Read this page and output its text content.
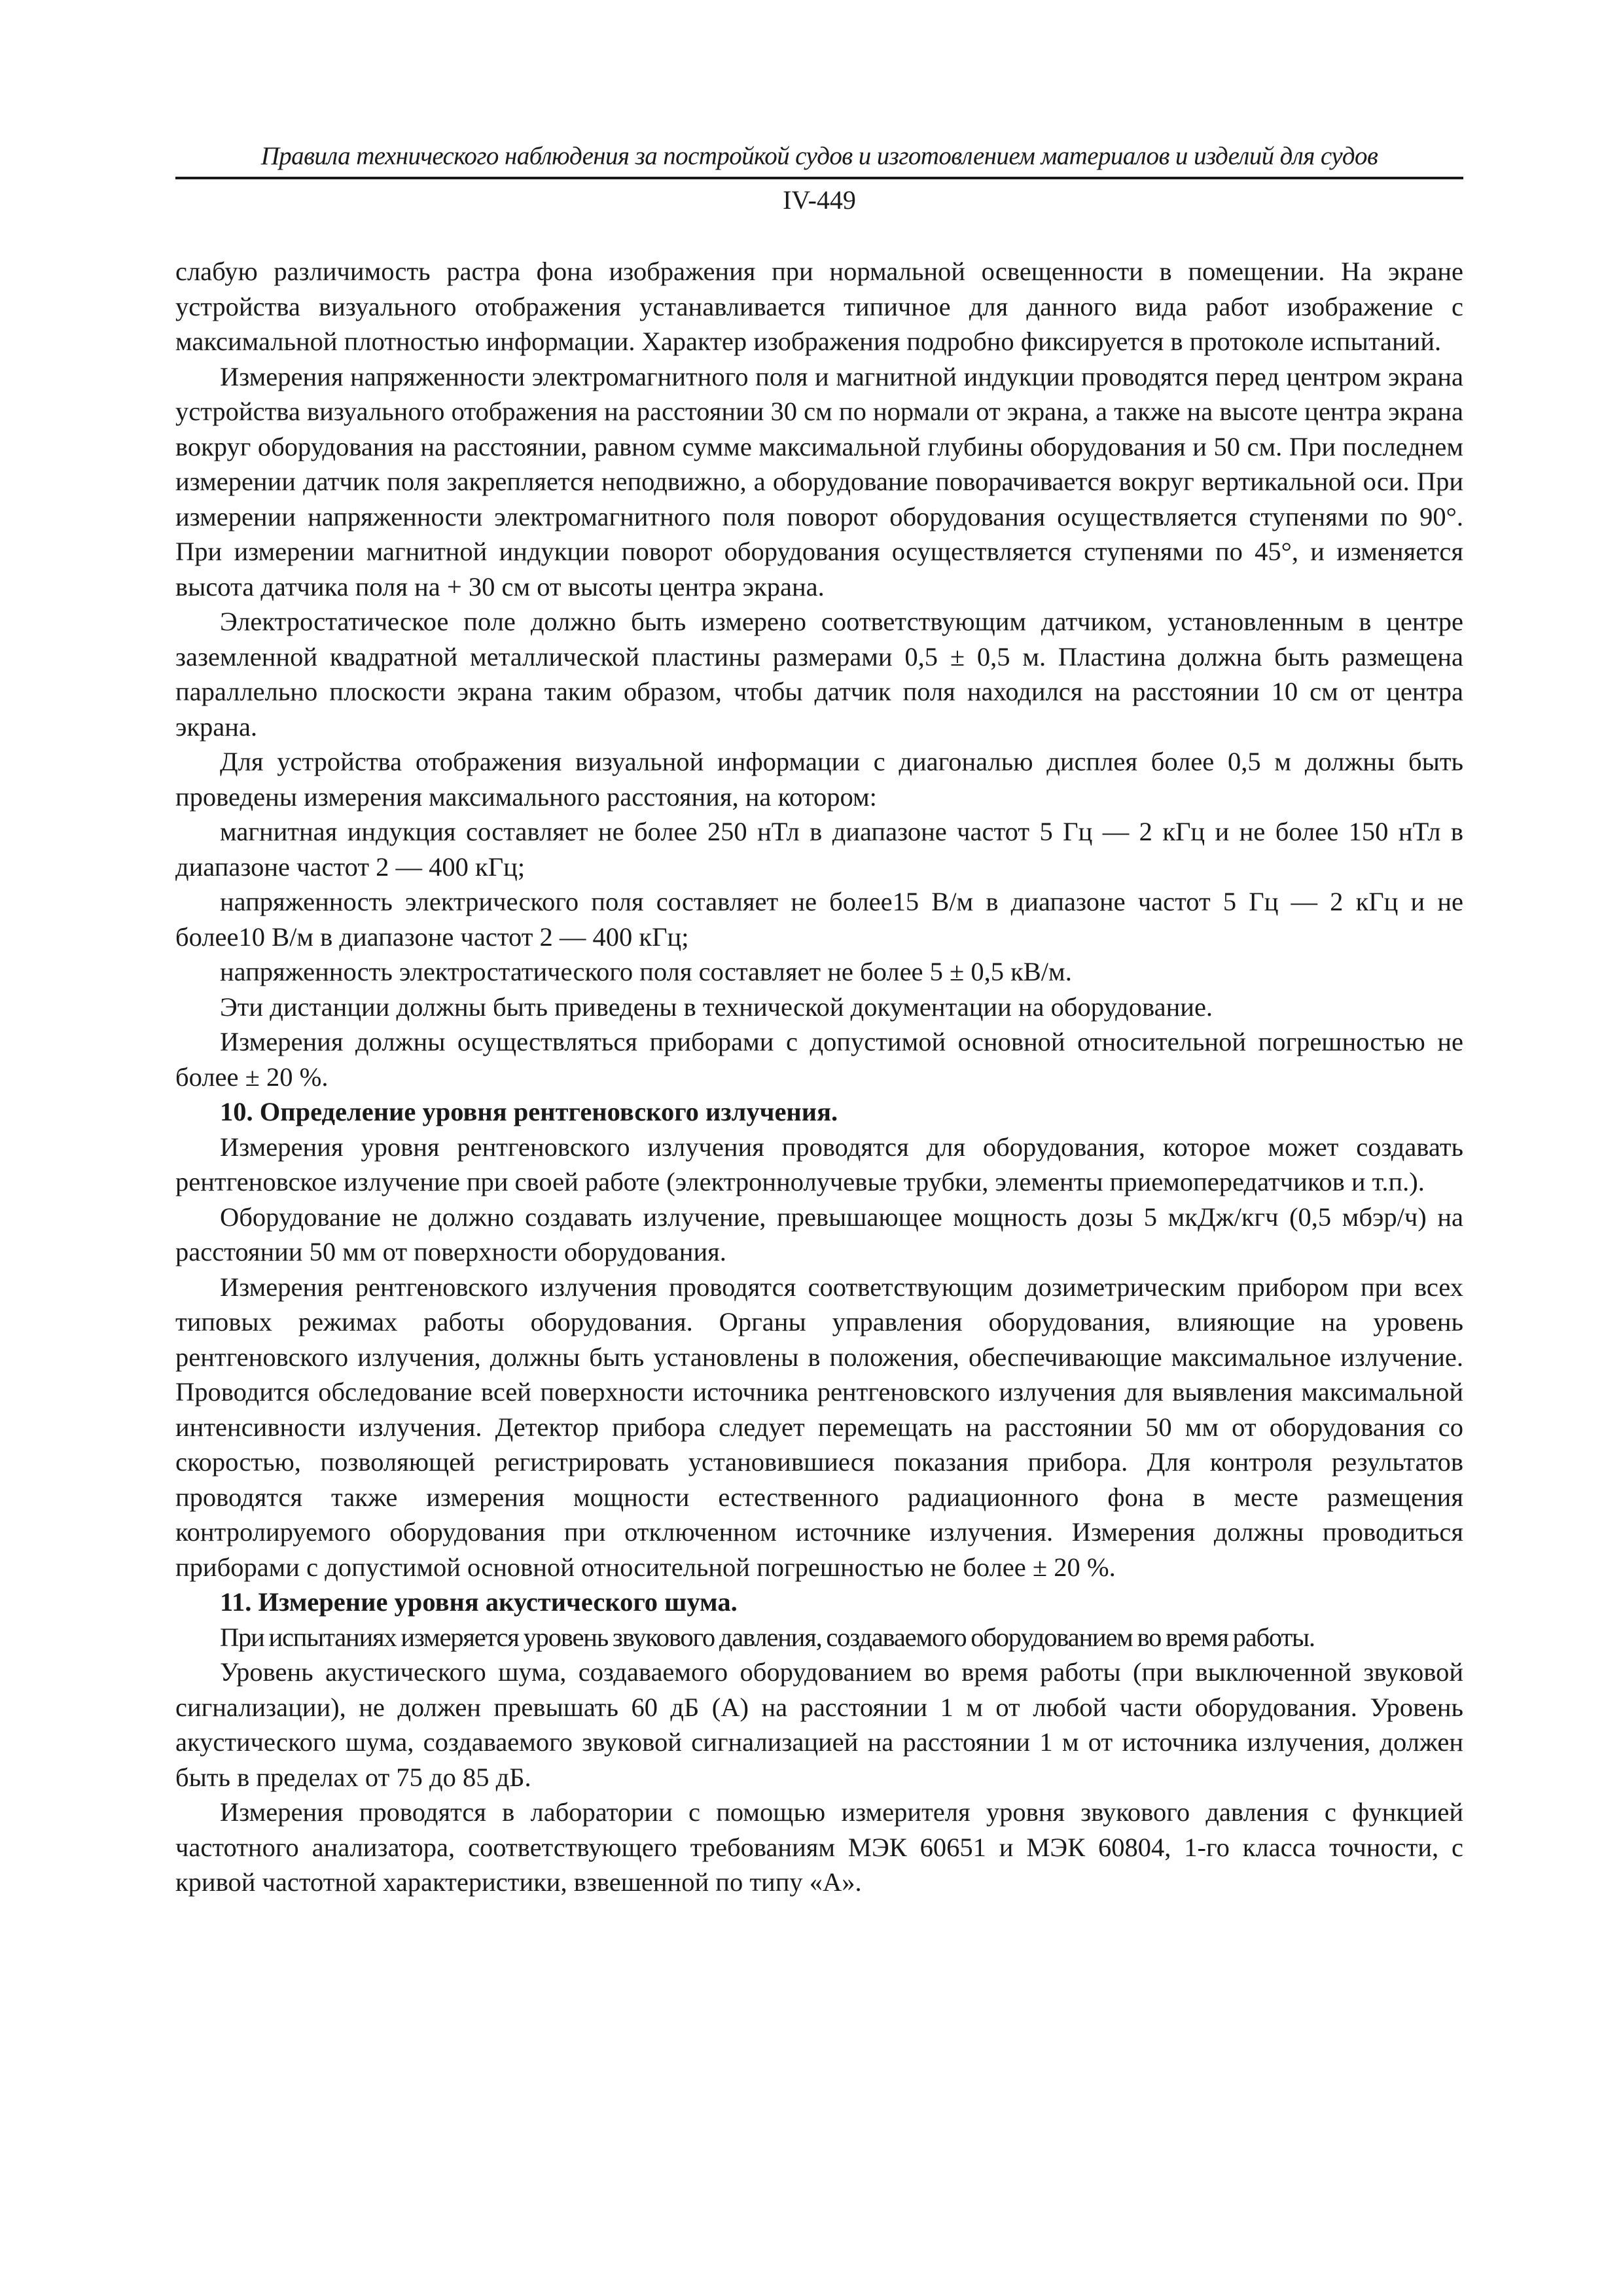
Правила технического наблюдения за постройкой судов и изготовлением материалов и изделий для судов
IV-449

слабую различимость растра фона изображения при нормальной освещенности в помещении. На экране устройства визуального отображения устанавливается типичное для данного вида работ изображение с максимальной плотностью информации. Характер изображения подробно фиксируется в протоколе испытаний.

Измерения напряженности электромагнитного поля и магнитной индукции проводятся перед центром экрана устройства визуального отображения на расстоянии 30 см по нормали от экрана, а также на высоте центра экрана вокруг оборудования на расстоянии, равном сумме максимальной глубины оборудования и 50 см. При последнем измерении датчик поля закрепляется неподвижно, а оборудование поворачивается вокруг вертикальной оси. При измерении напряженности электромагнитного поля поворот оборудования осуществляется ступенями по 90°. При измерении магнитной индукции поворот оборудования осуществляется ступенями по 45°, и изменяется высота датчика поля на + 30 см от высоты центра экрана.

Электростатическое поле должно быть измерено соответствующим датчиком, установленным в центре заземленной квадратной металлической пластины размерами 0,5 ± 0,5 м. Пластина должна быть размещена параллельно плоскости экрана таким образом, чтобы датчик поля находился на расстоянии 10 см от центра экрана.

Для устройства отображения визуальной информации с диагональю дисплея более 0,5 м должны быть проведены измерения максимального расстояния, на котором:

магнитная индукция составляет не более 250 нТл в диапазоне частот 5 Гц — 2 кГц и не более 150 нТл в диапазоне частот 2 — 400 кГц;

напряженность электрического поля составляет не более15 В/м в диапазоне частот 5 Гц — 2 кГц и не более10 В/м в диапазоне частот 2 — 400 кГц;

напряженность электростатического поля составляет не более 5 ± 0,5 кВ/м.

Эти дистанции должны быть приведены в технической документации на оборудование.

Измерения должны осуществляться приборами с допустимой основной относительной погрешностью не более ± 20 %.

10. Определение уровня рентгеновского излучения.

Измерения уровня рентгеновского излучения проводятся для оборудования, которое может создавать рентгеновское излучение при своей работе (электроннолучевые трубки, элементы приемопередатчиков и т.п.).

Оборудование не должно создавать излучение, превышающее мощность дозы 5 мкДж/кгч (0,5 мбэр/ч) на расстоянии 50 мм от поверхности оборудования.

Измерения рентгеновского излучения проводятся соответствующим дозиметрическим прибором при всех типовых режимах работы оборудования. Органы управления оборудования, влияющие на уровень рентгеновского излучения, должны быть установлены в положения, обеспечивающие максимальное излучение. Проводится обследование всей поверхности источника рентгеновского излучения для выявления максимальной интенсивности излучения. Детектор прибора следует перемещать на расстоянии 50 мм от оборудования со скоростью, позволяющей регистрировать установившиеся показания прибора. Для контроля результатов проводятся также измерения мощности естественного радиационного фона в месте размещения контролируемого оборудования при отключенном источнике излучения. Измерения должны проводиться приборами с допустимой основной относительной погрешностью не более ± 20 %.

11. Измерение уровня акустического шума.

При испытаниях измеряется уровень звукового давления, создаваемого оборудованием во время работы.

Уровень акустического шума, создаваемого оборудованием во время работы (при выключенной звуковой сигнализации), не должен превышать 60 дБ (А) на расстоянии 1 м от любой части оборудования. Уровень акустического шума, создаваемого звуковой сигнализацией на расстоянии 1 м от источника излучения, должен быть в пределах от 75 до 85 дБ.

Измерения проводятся в лаборатории с помощью измерителя уровня звукового давления с функцией частотного анализатора, соответствующего требованиям МЭК 60651 и МЭК 60804, 1-го класса точности, с кривой частотной характеристики, взвешенной по типу «А».
